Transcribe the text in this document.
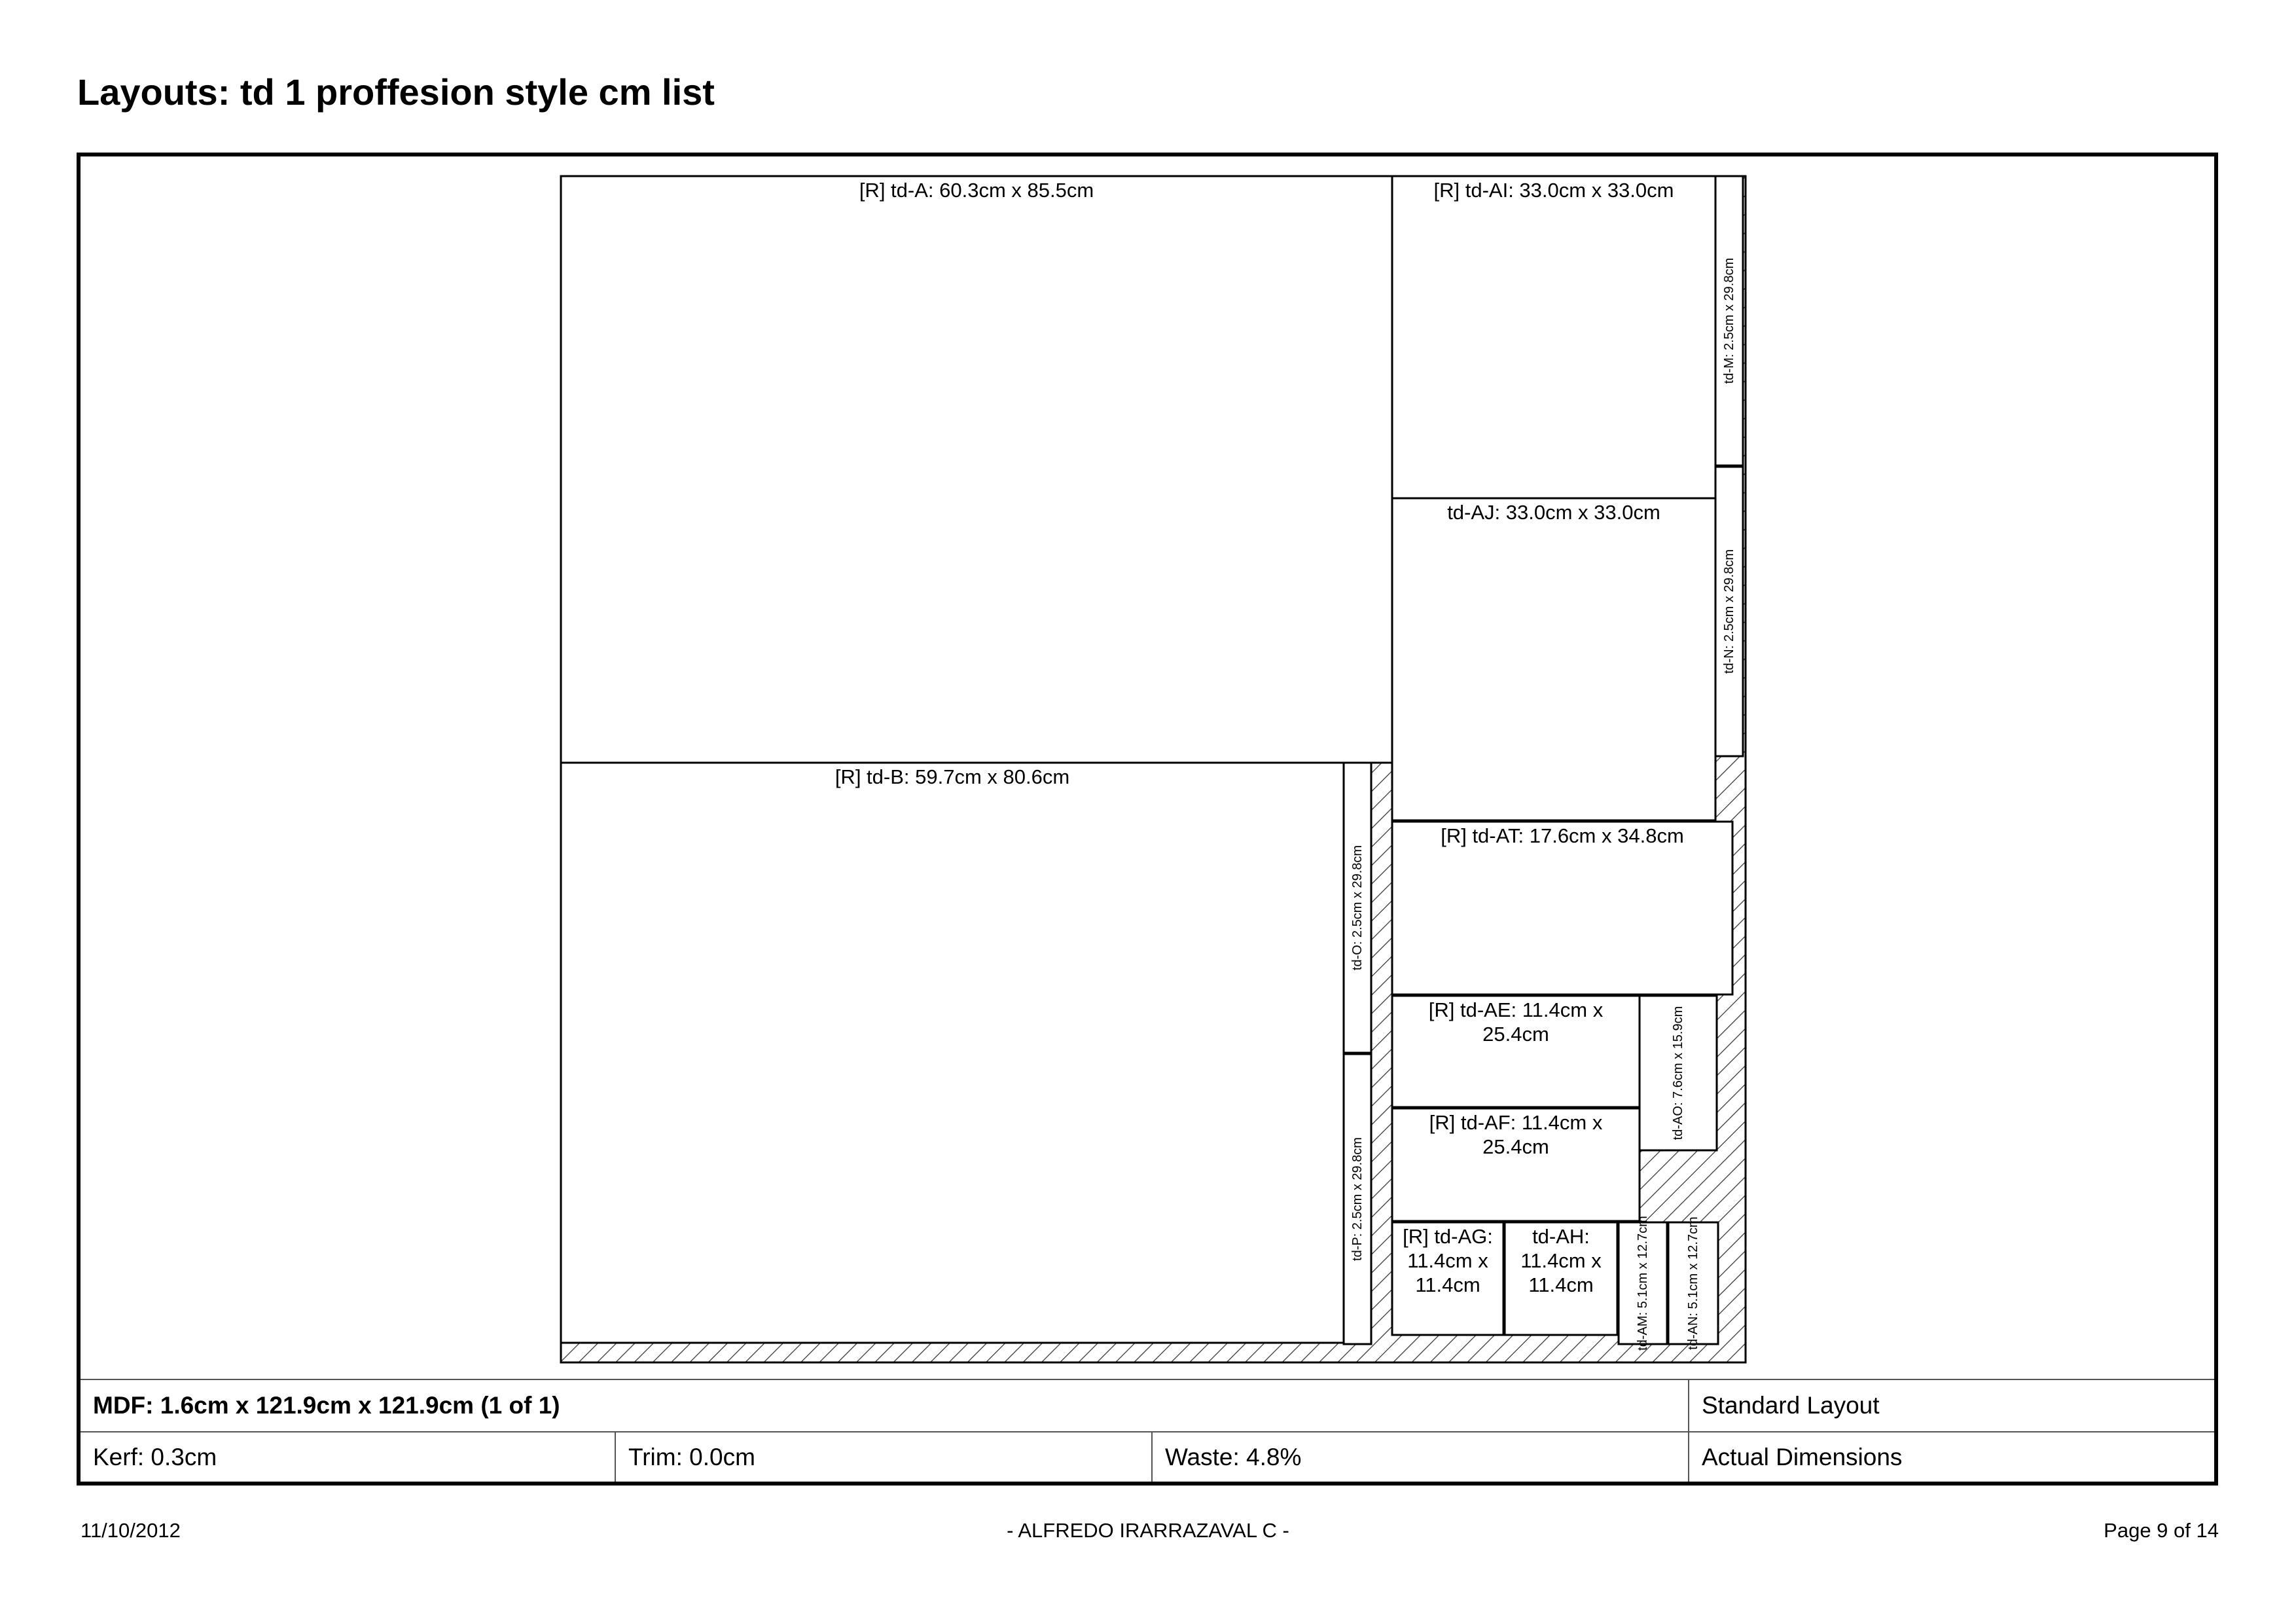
Layouts: td 1 proffesion style cm list
[R] td-A: 60.3cm x 85.5cm	[R] td-AI: 33.0cm x 33.0cm
td-M: 2.5cm x 29.8cm
td-AJ: 33.0cm x 33.0cm
td-N: 2.5cm x 29.8cm
[R] td-B: 59.7cm x 80.6cm
td-O: 2.5cm x 29.8cm
td-P: 2.5cm x 29.8cm
[R] td-AT: 17.6cm x 34.8cm
[R] td-AE: 11.4cm x 25.4cm	td-AO: 7.6cm x 15.9cm
[R] td-AF: 11.4cm x 25.4cm
[R] td-AG: 11.4cm x 11.4cm
td-AH: 11.4cm x 11.4cm	td-AM: 5.1cm x 12.7cm	td-AN: 5.1cm x 12.7cm
MDF: 1.6cm x 121.9cm x 121.9cm (1 of 1)	Standard Layout
Kerf: 0.3cm	Trim: 0.0cm	Waste: 4.8%	Actual Dimensions
11/10/2012	- ALFREDO IRARRAZAVAL C -	Page 9 of 14
